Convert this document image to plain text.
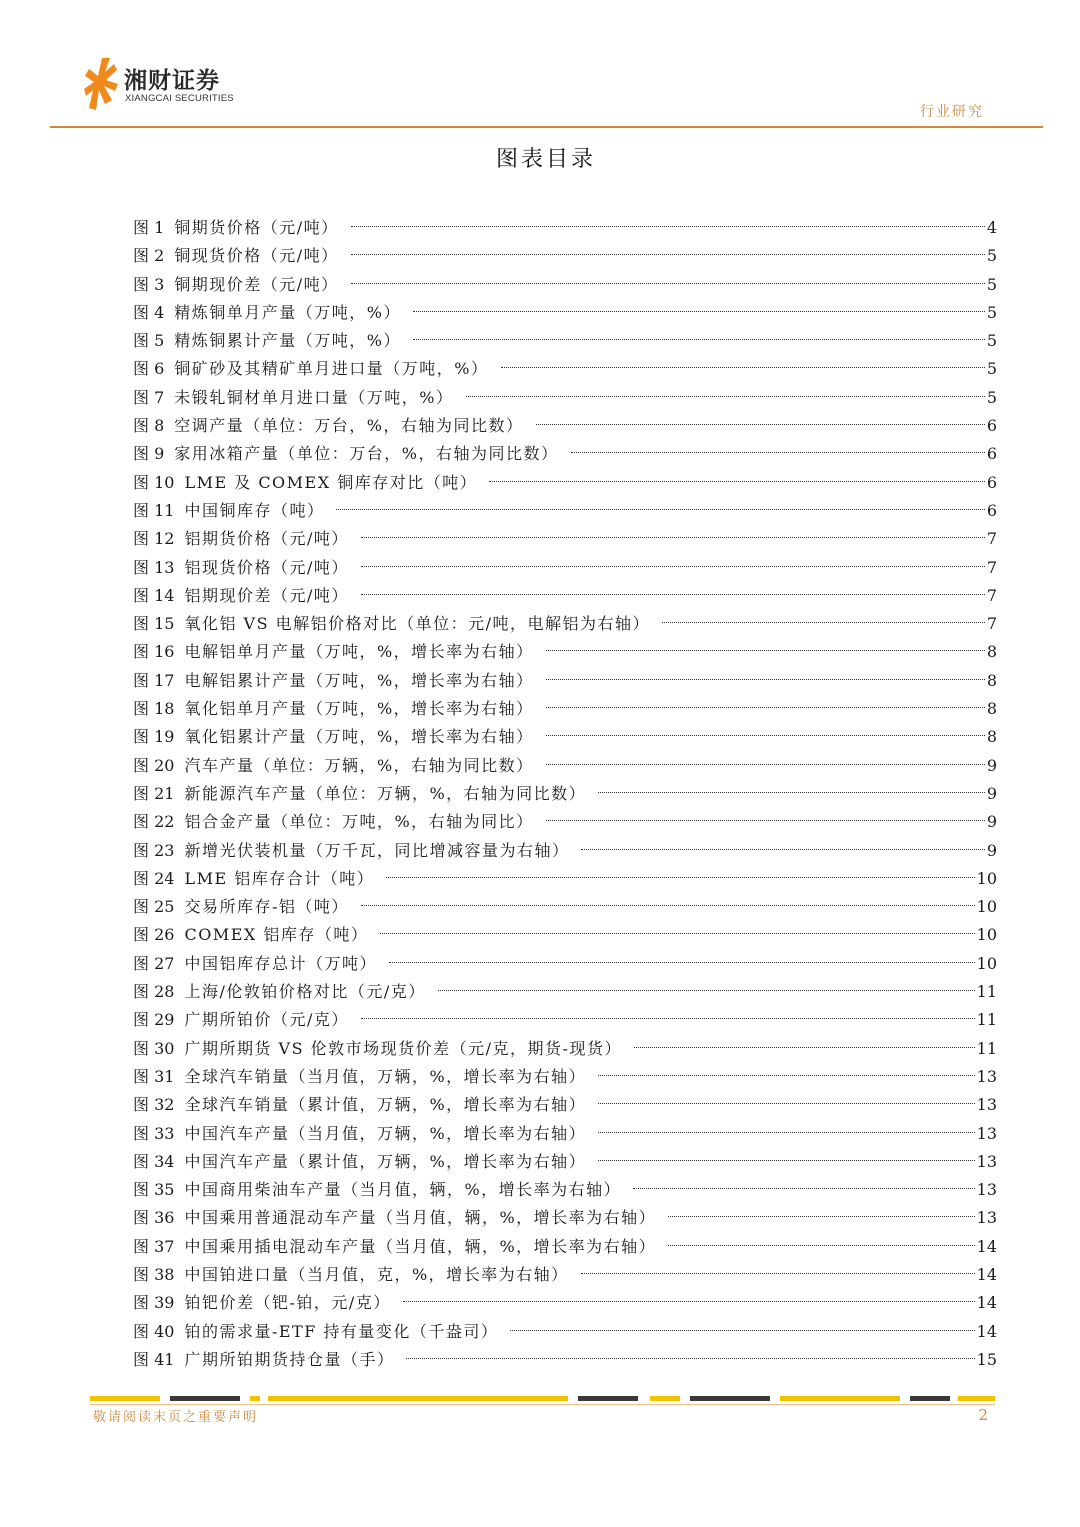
湘财证券
XIANGCAI SECURITIES
行业研究
图表目录
图 1 铜期货价格（元/吨）	4
图 2 铜现货价格（元/吨）	5
图 3 铜期现价差（元/吨）	5
图 4 精炼铜单月产量（万吨，%）	5
图 5 精炼铜累计产量（万吨，%）	5
图 6 铜矿砂及其精矿单月进口量（万吨，%）	5
图 7 未锻轧铜材单月进口量（万吨，%）	5
图 8 空调产量（单位：万台，%，右轴为同比数）	6
图 9 家用冰箱产量（单位：万台，%，右轴为同比数）	6
图 10 LME 及 COMEX 铜库存对比（吨）	6
图 11 中国铜库存（吨）	6
图 12 铝期货价格（元/吨）	7
图 13 铝现货价格（元/吨）	7
图 14 铝期现价差（元/吨）	7
图 15 氧化铝 VS 电解铝价格对比（单位：元/吨，电解铝为右轴）	7
图 16 电解铝单月产量（万吨，%，增长率为右轴）	8
图 17 电解铝累计产量（万吨，%，增长率为右轴）	8
图 18 氧化铝单月产量（万吨，%，增长率为右轴）	8
图 19 氧化铝累计产量（万吨，%，增长率为右轴）	8
图 20 汽车产量（单位：万辆，%，右轴为同比数）	9
图 21 新能源汽车产量（单位：万辆，%，右轴为同比数）	9
图 22 铝合金产量（单位：万吨，%，右轴为同比）	9
图 23 新增光伏装机量（万千瓦，同比增减容量为右轴）	9
图 24 LME 铝库存合计（吨）	10
图 25 交易所库存-铝（吨）	10
图 26 COMEX 铝库存（吨）	10
图 27 中国铝库存总计（万吨）	10
图 28 上海/伦敦铂价格对比（元/克）	11
图 29 广期所铂价（元/克）	11
图 30 广期所期货 VS 伦敦市场现货价差（元/克，期货-现货）	11
图 31 全球汽车销量（当月值，万辆，%，增长率为右轴）	13
图 32 全球汽车销量（累计值，万辆，%，增长率为右轴）	13
图 33 中国汽车产量（当月值，万辆，%，增长率为右轴）	13
图 34 中国汽车产量（累计值，万辆，%，增长率为右轴）	13
图 35 中国商用柴油车产量（当月值，辆，%，增长率为右轴）	13
图 36 中国乘用普通混动车产量（当月值，辆，%，增长率为右轴）	13
图 37 中国乘用插电混动车产量（当月值，辆，%，增长率为右轴）	14
图 38 中国铂进口量（当月值，克，%，增长率为右轴）	14
图 39 铂钯价差（钯-铂，元/克）	14
图 40 铂的需求量-ETF 持有量变化（千盎司）	14
图 41 广期所铂期货持仓量（手）	15
敬请阅读末页之重要声明	2
